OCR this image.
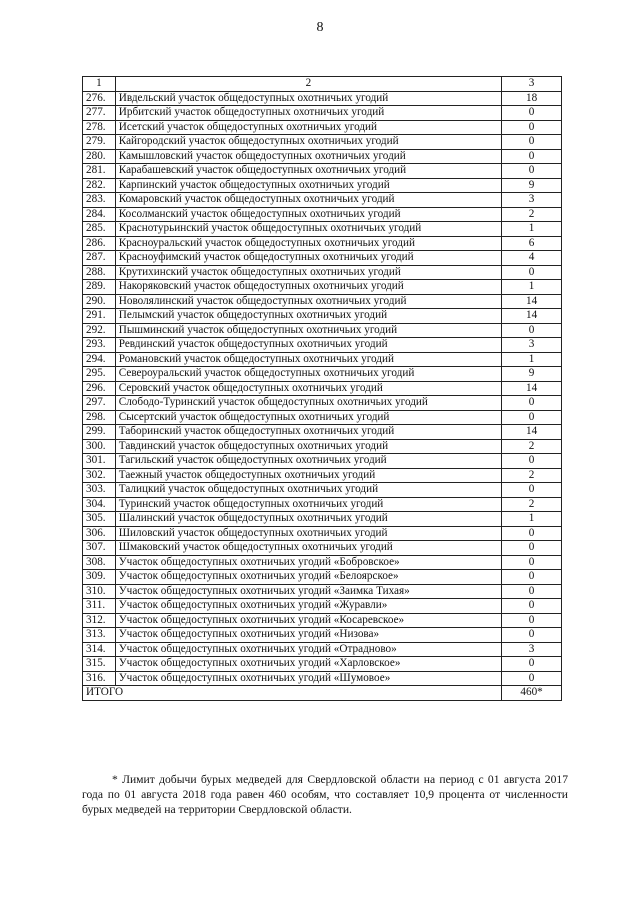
8
1	2	3
276.	Ивдельский участок общедоступных охотничьих угодий	18
277.	Ирбитский участок общедоступных охотничьих угодий	0
278.	Исетский участок общедоступных охотничьих угодий	0
279.	Кайгородский участок общедоступных охотничьих угодий	0
280.	Камышловский участок общедоступных охотничьих угодий	0
281.	Карабашевский участок общедоступных охотничьих угодий	0
282.	Карпинский участок общедоступных охотничьих угодий	9
283.	Комаровский участок общедоступных охотничьих угодий	3
284.	Косолманский участок общедоступных охотничьих угодий	2
285.	Краснотурьинский участок общедоступных охотничьих угодий	1
286.	Красноуральский участок общедоступных охотничьих угодий	6
287.	Красноуфимский участок общедоступных охотничьих угодий	4
288.	Крутихинский участок общедоступных охотничьих угодий	0
289.	Накоряковский участок общедоступных охотничьих угодий	1
290.	Новолялинский участок общедоступных охотничьих угодий	14
291.	Пелымский участок общедоступных охотничьих угодий	14
292.	Пышминский участок общедоступных охотничьих угодий	0
293.	Ревдинский участок общедоступных охотничьих угодий	3
294.	Романовский участок общедоступных охотничьих угодий	1
295.	Североуральский участок общедоступных охотничьих угодий	9
296.	Серовский участок общедоступных охотничьих угодий	14
297.	Слободо-Туринский участок общедоступных охотничьих угодий	0
298.	Сысертский участок общедоступных охотничьих угодий	0
299.	Таборинский участок общедоступных охотничьих угодий	14
300.	Тавдинский участок общедоступных охотничьих угодий	2
301.	Тагильский участок общедоступных охотничьих угодий	0
302.	Таежный участок общедоступных охотничьих угодий	2
303.	Талицкий участок общедоступных охотничьих угодий	0
304.	Туринский участок общедоступных охотничьих угодий	2
305.	Шалинский участок общедоступных охотничьих угодий	1
306.	Шиловский участок общедоступных охотничьих угодий	0
307.	Шмаковский участок общедоступных охотничьих угодий	0
308.	Участок общедоступных охотничьих угодий «Бобровское»	0
309.	Участок общедоступных охотничьих угодий «Белоярское»	0
310.	Участок общедоступных охотничьих угодий «Заимка Тихая»	0
311.	Участок общедоступных охотничьих угодий «Журавли»	0
312.	Участок общедоступных охотничьих угодий «Косаревское»	0
313.	Участок общедоступных охотничьих угодий «Низова»	0
314.	Участок общедоступных охотничьих угодий «Отрадново»	3
315.	Участок общедоступных охотничьих угодий «Харловское»	0
316.	Участок общедоступных охотничьих угодий «Шумовое»	0
ИТОГО		460*

* Лимит добычи бурых медведей для Свердловской области на период с 01 августа 2017 года по 01 августа 2018 года равен 460 особям, что составляет 10,9 процента от численности бурых медведей на территории Свердловской области.
